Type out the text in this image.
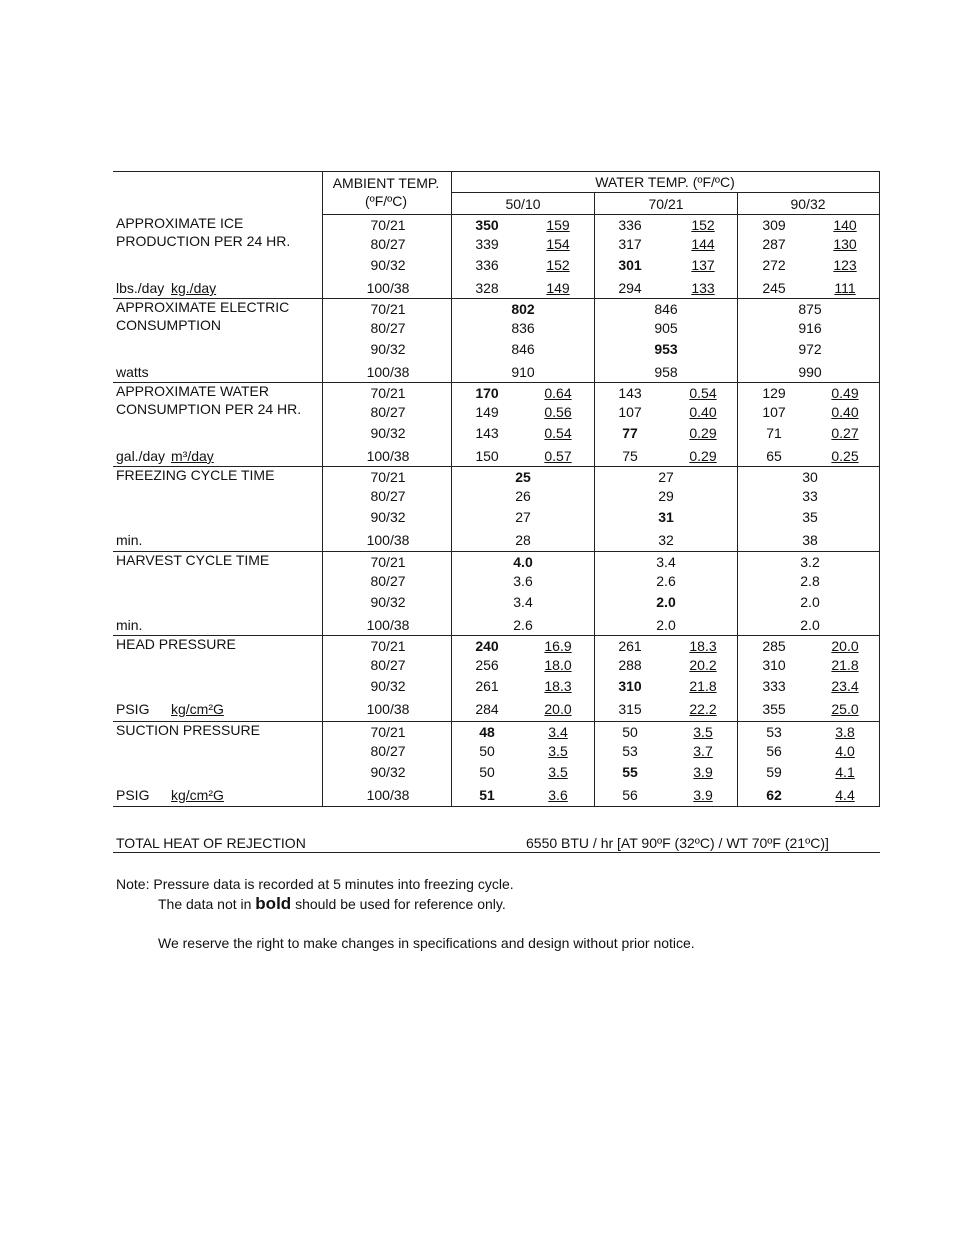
AMBIENT TEMP.
(ºF/ºC)
WATER TEMP. (ºF/ºC)
50/10	70/21	90/32
APPROXIMATE ICE
PRODUCTION PER 24 HR.
lbs./day kg./day
70/21	350	159	336	152	309	140
80/27	339	154	317	144	287	130
90/32	336	152	301	137	272	123
100/38	328	149	294	133	245	111
APPROXIMATE ELECTRIC
CONSUMPTION
watts
70/21	802	846	875
80/27	836	905	916
90/32	846	953	972
100/38	910	958	990
APPROXIMATE WATER
CONSUMPTION PER 24 HR.
gal./day m³/day
70/21	170	0.64	143	0.54	129	0.49
80/27	149	0.56	107	0.40	107	0.40
90/32	143	0.54	77	0.29	71	0.27
100/38	150	0.57	75	0.29	65	0.25
FREEZING CYCLE TIME
min.
70/21	25	27	30
80/27	26	29	33
90/32	27	31	35
100/38	28	32	38
HARVEST CYCLE TIME
min.
70/21	4.0	3.4	3.2
80/27	3.6	2.6	2.8
90/32	3.4	2.0	2.0
100/38	2.6	2.0	2.0
HEAD PRESSURE
PSIG kg/cm²G
70/21	240	16.9	261	18.3	285	20.0
80/27	256	18.0	288	20.2	310	21.8
90/32	261	18.3	310	21.8	333	23.4
100/38	284	20.0	315	22.2	355	25.0
SUCTION PRESSURE
PSIG kg/cm²G
70/21	48	3.4	50	3.5	53	3.8
80/27	50	3.5	53	3.7	56	4.0
90/32	50	3.5	55	3.9	59	4.1
100/38	51	3.6	56	3.9	62	4.4
TOTAL HEAT OF REJECTION	6550 BTU / hr [AT 90ºF (32ºC) / WT 70ºF (21ºC)]
Note: Pressure data is recorded at 5 minutes into freezing cycle.
The data not in bold should be used for reference only.
We reserve the right to make changes in specifications and design without prior notice.
